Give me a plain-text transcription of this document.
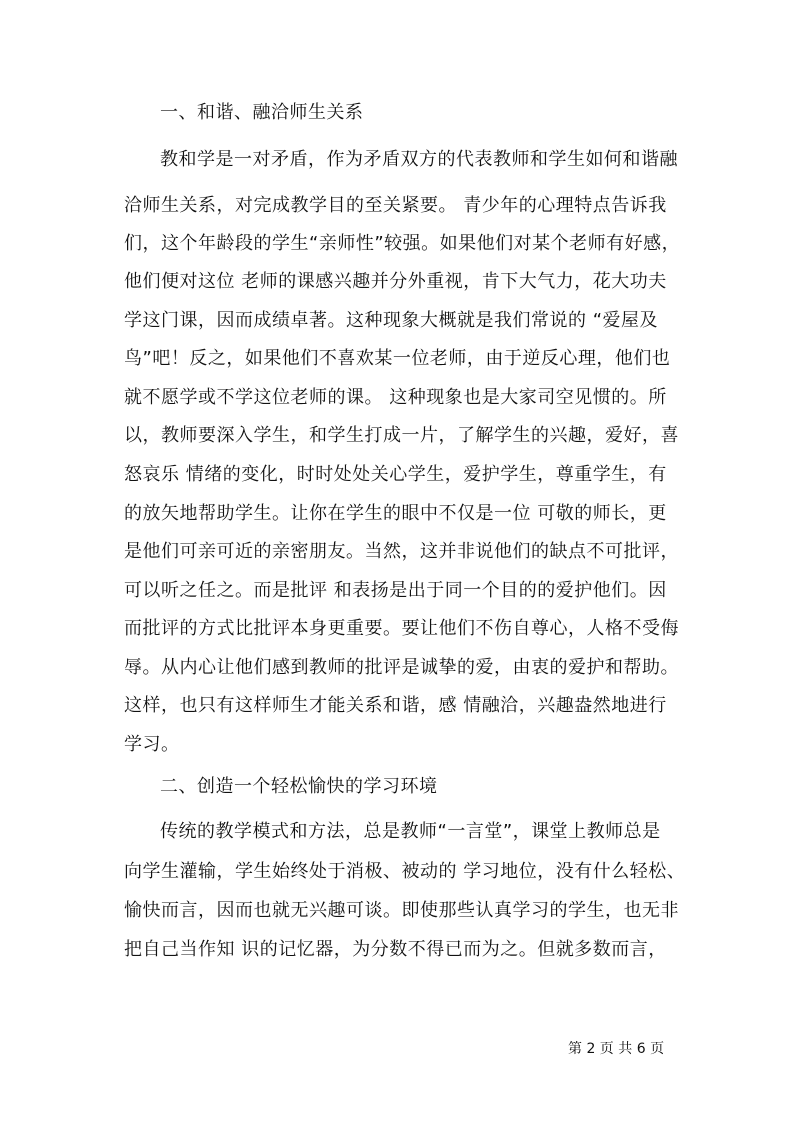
一、和谐、融洽师生关系
教和学是一对矛盾，作为矛盾双方的代表教师和学生如何和谐融
洽师生关系，对完成教学目的至关紧要。 青少年的心理特点告诉我
们，这个年龄段的学生“亲师性”较强。如果他们对某个老师有好感，
他们便对这位 老师的课感兴趣并分外重视，肯下大气力，花大功夫
学这门课，因而成绩卓著。这种现象大概就是我们常说的 “爱屋及
鸟”吧！反之，如果他们不喜欢某一位老师，由于逆反心理，他们也
就不愿学或不学这位老师的课。 这种现象也是大家司空见惯的。所
以，教师要深入学生，和学生打成一片，了解学生的兴趣，爱好，喜
怒哀乐 情绪的变化，时时处处关心学生，爱护学生，尊重学生，有
的放矢地帮助学生。让你在学生的眼中不仅是一位 可敬的师长，更
是他们可亲可近的亲密朋友。当然，这并非说他们的缺点不可批评，
可以听之任之。而是批评 和表扬是出于同一个目的的爱护他们。因
而批评的方式比批评本身更重要。要让他们不伤自尊心，人格不受侮
辱。从内心让他们感到教师的批评是诚挚的爱，由衷的爱护和帮助。
这样，也只有这样师生才能关系和谐，感 情融洽，兴趣盎然地进行
学习。
二、创造一个轻松愉快的学习环境
传统的教学模式和方法，总是教师“一言堂”，课堂上教师总是
向学生灌输，学生始终处于消极、被动的 学习地位，没有什么轻松、
愉快而言，因而也就无兴趣可谈。即使那些认真学习的学生，也无非
把自己当作知 识的记忆器，为分数不得已而为之。但就多数而言，
第 2 页 共 6 页
